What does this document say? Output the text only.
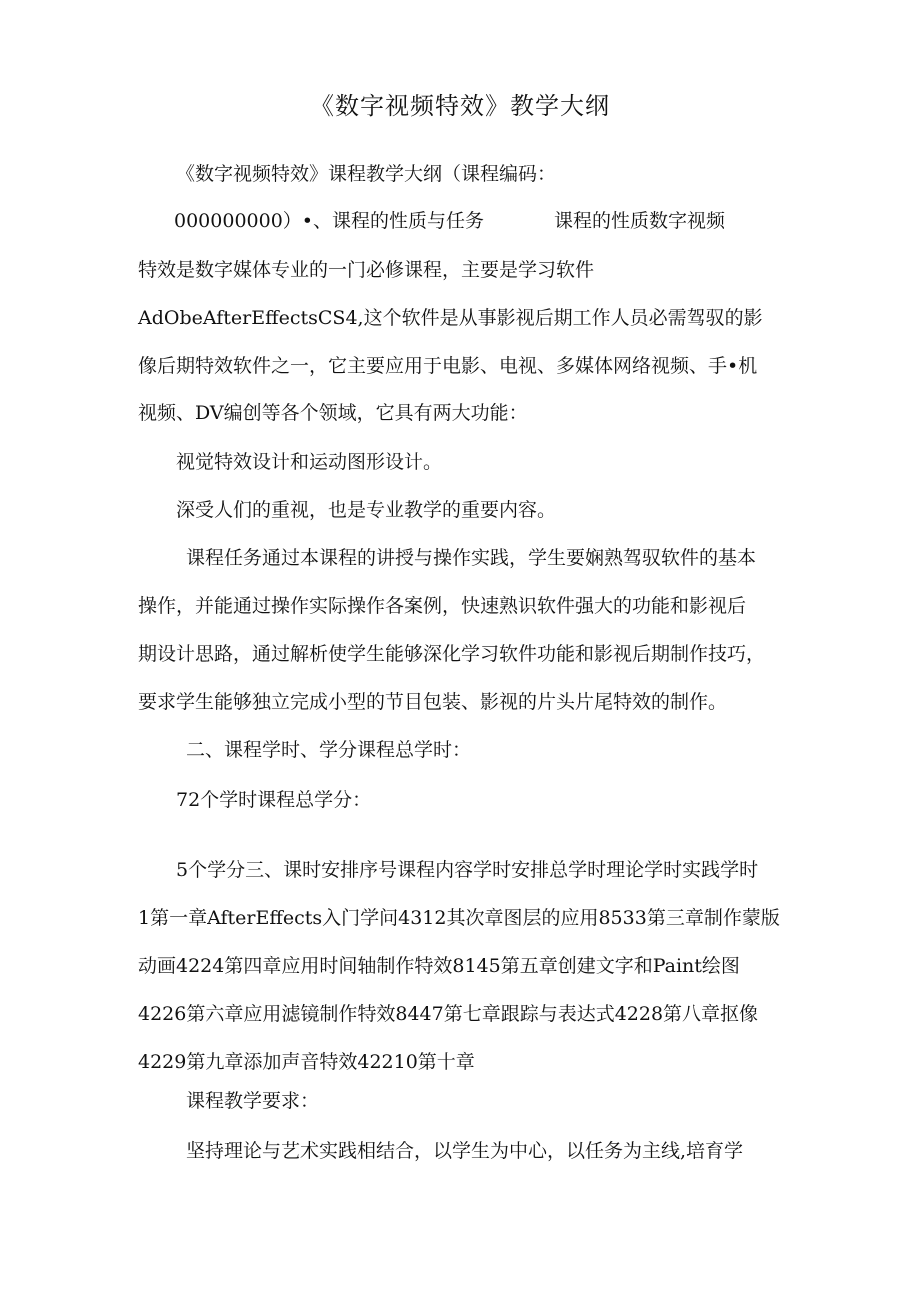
《数字视频特效》教学大纲
《数字视频特效》课程教学大纲（课程编码：
000000000）•、课程的性质与任务	课程的性质数字视频
特效是数字媒体专业的一门必修课程，主要是学习软件
AdObeAfterEffectsCS4,这个软件是从事影视后期工作人员必需驾驭的影
像后期特效软件之一，它主要应用于电影、电视、多媒体网络视频、手•机
视频、DV编创等各个领域，它具有两大功能：
视觉特效设计和运动图形设计。
深受人们的重视，也是专业教学的重要内容。
课程任务通过本课程的讲授与操作实践，学生要娴熟驾驭软件的基本
操作，并能通过操作实际操作各案例，快速熟识软件强大的功能和影视后
期设计思路，通过解析使学生能够深化学习软件功能和影视后期制作技巧，
要求学生能够独立完成小型的节目包装、影视的片头片尾特效的制作。
二、课程学时、学分课程总学时：
72个学时课程总学分：
5个学分三、课时安排序号课程内容学时安排总学时理论学时实践学时
1第一章AfterEffects入门学问4312其次章图层的应用8533第三章制作蒙版
动画4224第四章应用时间轴制作特效8145第五章创建文字和Paint绘图
4226第六章应用滤镜制作特效8447第七章跟踪与表达式4228第八章抠像
4229第九章添加声音特效42210第十章
课程教学要求：
坚持理论与艺术实践相结合，以学生为中心，以任务为主线,培育学
